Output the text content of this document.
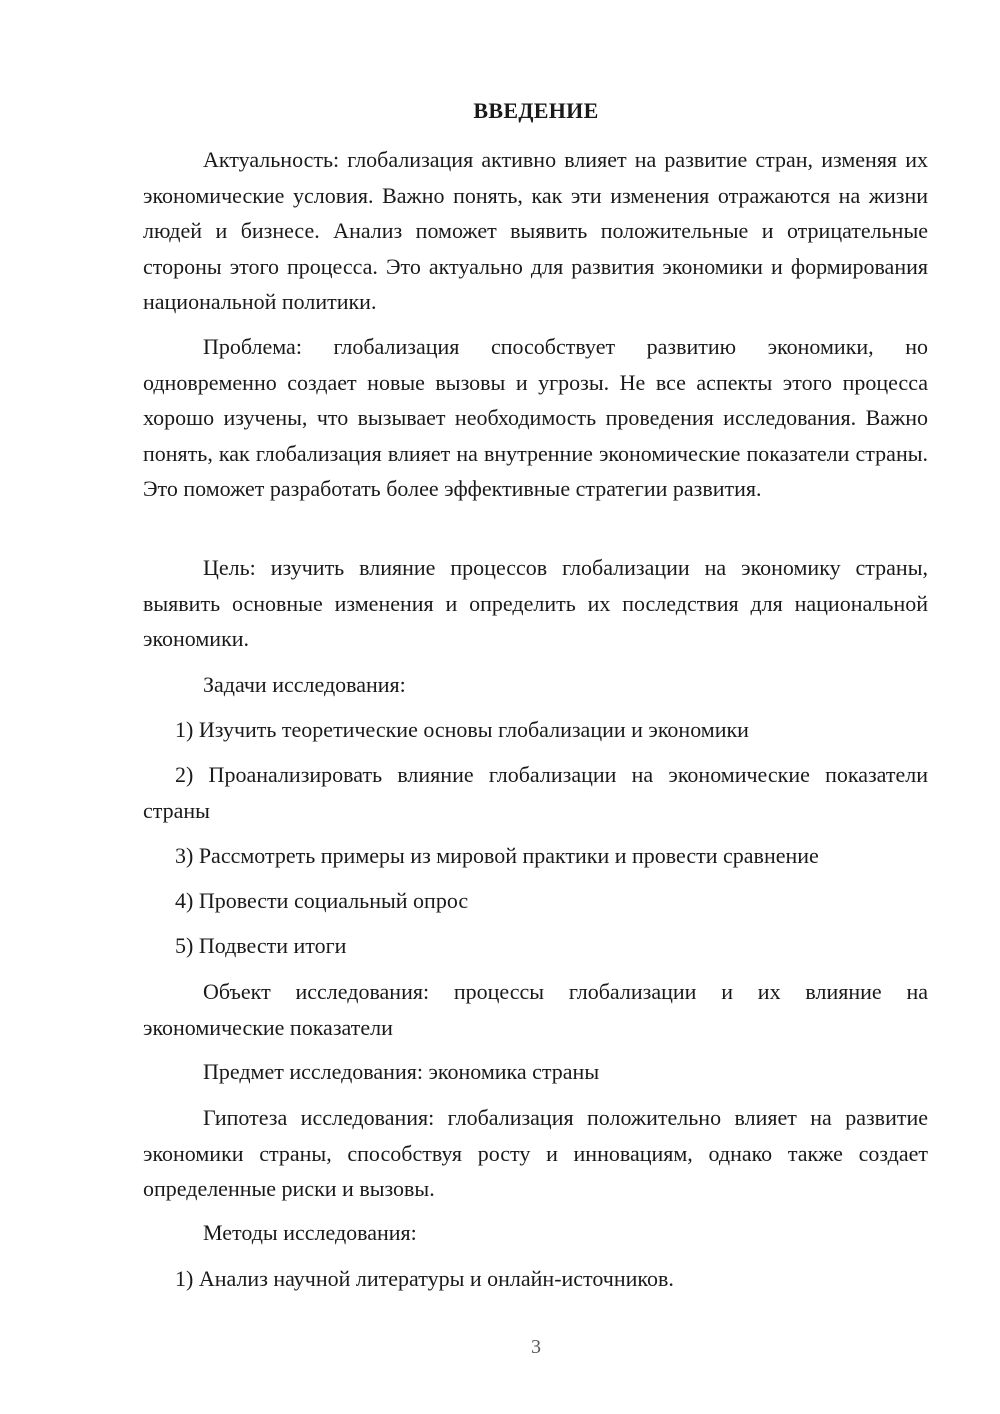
ВВЕДЕНИЕ

Актуальность: глобализация активно влияет на развитие стран, изменяя их экономические условия. Важно понять, как эти изменения отражаются на жизни людей и бизнесе. Анализ поможет выявить положительные и отрицательные стороны этого процесса. Это актуально для развития экономики и формирования национальной политики.

Проблема: глобализация способствует развитию экономики, но одновременно создает новые вызовы и угрозы. Не все аспекты этого процесса хорошо изучены, что вызывает необходимость проведения исследования. Важно понять, как глобализация влияет на внутренние экономические показатели страны. Это поможет разработать более эффективные стратегии развития.

Цель: изучить влияние процессов глобализации на экономику страны, выявить основные изменения и определить их последствия для национальной экономики.

Задачи исследования:

1) Изучить теоретические основы глобализации и экономики

2) Проанализировать влияние глобализации на экономические показатели страны

3) Рассмотреть примеры из мировой практики и провести сравнение

4) Провести социальный опрос

5) Подвести итоги

Объект исследования: процессы глобализации и их влияние на экономические показатели

Предмет исследования: экономика страны

Гипотеза исследования: глобализация положительно влияет на развитие экономики страны, способствуя росту и инновациям, однако также создает определенные риски и вызовы.

Методы исследования:

1) Анализ научной литературы и онлайн-источников.

3
